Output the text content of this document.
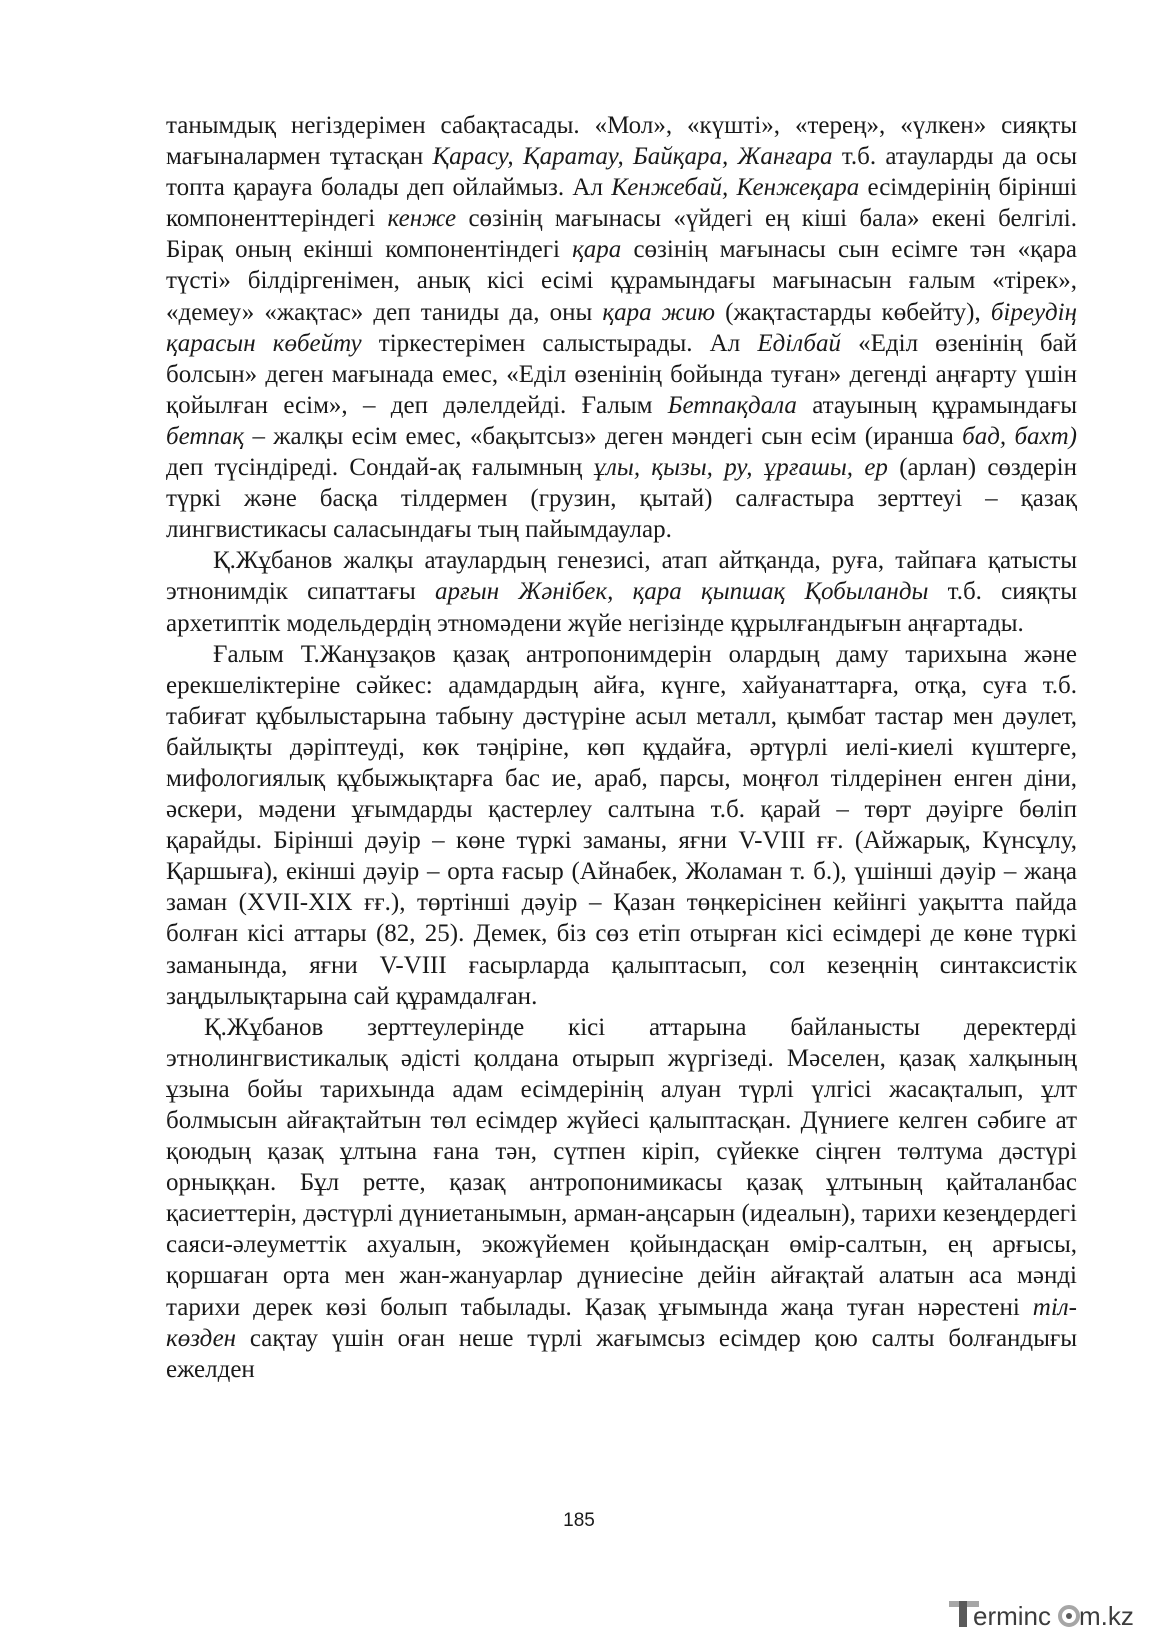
танымдық негіздерімен сабақтасады. «Мол», «күшті», «терең», «үлкен» сияқты мағыналармен тұтасқан Қарасу, Қаратау, Байқара, Жанғара т.б. атауларды да осы топта қарауға болады деп ойлаймыз. Ал Кенжебай, Кенжеқара есімдерінің бірінші компоненттеріндегі кенже сөзінің мағынасы «үйдегі ең кіші бала» екені белгілі. Бірақ оның екінші компонентіндегі қара сөзінің мағынасы сын есімге тән «қара түсті» білдіргенімен, анық кісі есімі құрамындағы мағынасын ғалым «тірек», «демеу» «жақтас» деп таниды да, оны қара жию (жақтастарды көбейту), біреудің қарасын көбейту тіркестерімен салыстырады. Ал Еділбай «Еділ өзенінің бай болсын» деген мағынада емес, «Еділ өзенінің бойында туған» дегенді аңғарту үшін қойылған есім», – деп дәлелдейді. Ғалым Бетпақдала атауының құрамындағы бетпақ – жалқы есім емес, «бақытсыз» деген мәндегі сын есім (иранша бад, бахт) деп түсіндіреді. Сондай-ақ ғалымның ұлы, қызы, ру, ұрғашы, ер (арлан) сөздерін түркі және басқа тілдермен (грузин, қытай) салғастыра зерттеуі – қазақ лингвистикасы саласындағы тың пайымдаулар.

Қ.Жұбанов жалқы атаулардың генезисі, атап айтқанда, руға, тайпаға қатысты этнонимдік сипаттағы арғын Жәнібек, қара қыпшақ Қобыланды т.б. сияқты архетиптік модельдердің этномәдени жүйе негізінде құрылғандығын аңғартады.

Ғалым Т.Жанұзақов қазақ антропонимдерін олардың даму тарихына және ерекшеліктеріне сәйкес: адамдардың айға, күнге, хайуанаттарға, отқа, суға т.б. табиғат құбылыстарына табыну дәстүріне асыл металл, қымбат тастар мен дәулет, байлықты дәріптеуді, көк тәңіріне, көп құдайға, әртүрлі иелі-киелі күштерге, мифологиялық құбыжықтарға бас ие, араб, парсы, моңғол тілдерінен енген діни, әскери, мәдени ұғымдарды қастерлеу салтына т.б. қарай – төрт дәуірге бөліп қарайды. Бірінші дәуір – көне түркі заманы, яғни V-VIII ғғ. (Айжарық, Күнсұлу, Қаршыға), екінші дәуір – орта ғасыр (Айнабек, Жоламан т. б.), үшінші дәуір – жаңа заман (XVII-XIX ғғ.), төртінші дәуір – Қазан төңкерісінен кейінгі уақытта пайда болған кісі аттары (82, 25). Демек, біз сөз етіп отырған кісі есімдері де көне түркі заманында, яғни V-VIII ғасырларда қалыптасып, сол кезеңнің синтаксистік заңдылықтарына сай құрамдалған.

Қ.Жұбанов зерттеулерінде кісі аттарына байланысты деректерді этнолингвистикалық әдісті қолдана отырып жүргізеді. Мәселен, қазақ халқының ұзына бойы тарихында адам есімдерінің алуан түрлі үлгісі жасақталып, ұлт болмысын айғақтайтын төл есімдер жүйесі қалыптасқан. Дүниеге келген сәбиге ат қоюдың қазақ ұлтына ғана тән, сүтпен кіріп, сүйекке сіңген төлтума дәстүрі орныққан. Бұл ретте, қазақ антропонимикасы қазақ ұлтының қайталанбас қасиеттерін, дәстүрлі дүниетанымын, арман-аңсарын (идеалын), тарихи кезеңдердегі саяси-әлеуметтік ахуалын, экожүйемен қойындасқан өмір-салтын, ең арғысы, қоршаған орта мен жан-жануарлар дүниесіне дейін айғақтай алатын аса мәнді тарихи дерек көзі болып табылады. Қазақ ұғымында жаңа туған нәрестені тіл-көзден сақтау үшін оған неше түрлі жағымсыз есімдер қою салты болғандығы ежелден

185
erminc m.kz
